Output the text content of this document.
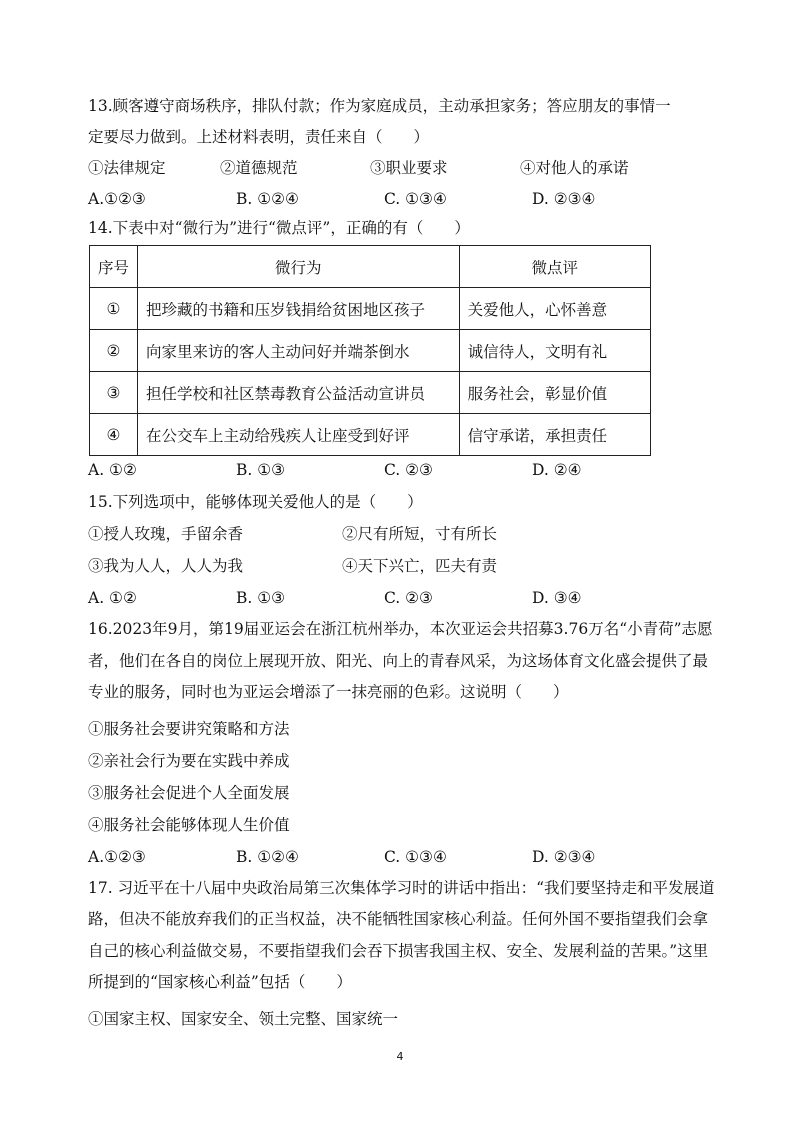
13.顾客遵守商场秩序，排队付款；作为家庭成员，主动承担家务；答应朋友的事情一
定要尽力做到。上述材料表明，责任来自（　　）
①法律规定	②道德规范	③职业要求	④对他人的承诺
A.①②③	B. ①②④	C. ①③④	D. ②③④
14.下表中对“微行为”进行“微点评”，正确的有（　　）
序号	微行为	微点评
①	把珍藏的书籍和压岁钱捐给贫困地区孩子	关爱他人，心怀善意
②	向家里来访的客人主动问好并端茶倒水	诚信待人，文明有礼
③	担任学校和社区禁毒教育公益活动宣讲员	服务社会，彰显价值
④	在公交车上主动给残疾人让座受到好评	信守承诺，承担责任
A. ①②	B. ①③	C. ②③	D. ②④
15.下列选项中，能够体现关爱他人的是（　　）
①授人玫瑰，手留余香	②尺有所短，寸有所长
③我为人人，人人为我	④天下兴亡，匹夫有责
A. ①②	B. ①③	C. ②③	D. ③④
16.2023年9月，第19届亚运会在浙江杭州举办，本次亚运会共招募3.76万名“小青荷”志愿者，他们在各自的岗位上展现开放、阳光、向上的青春风采，为这场体育文化盛会提供了最专业的服务，同时也为亚运会增添了一抹亮丽的色彩。这说明（　　）
①服务社会要讲究策略和方法
②亲社会行为要在实践中养成
③服务社会促进个人全面发展
④服务社会能够体现人生价值
A.①②③	B. ①②④	C. ①③④	D. ②③④
17. 习近平在十八届中央政治局第三次集体学习时的讲话中指出：“我们要坚持走和平发展道路，但决不能放弃我们的正当权益，决不能牺牲国家核心利益。任何外国不要指望我们会拿自己的核心利益做交易，不要指望我们会吞下损害我国主权、安全、发展利益的苦果。”这里所提到的“国家核心利益”包括（　　）
①国家主权、国家安全、领土完整、国家统一
4
